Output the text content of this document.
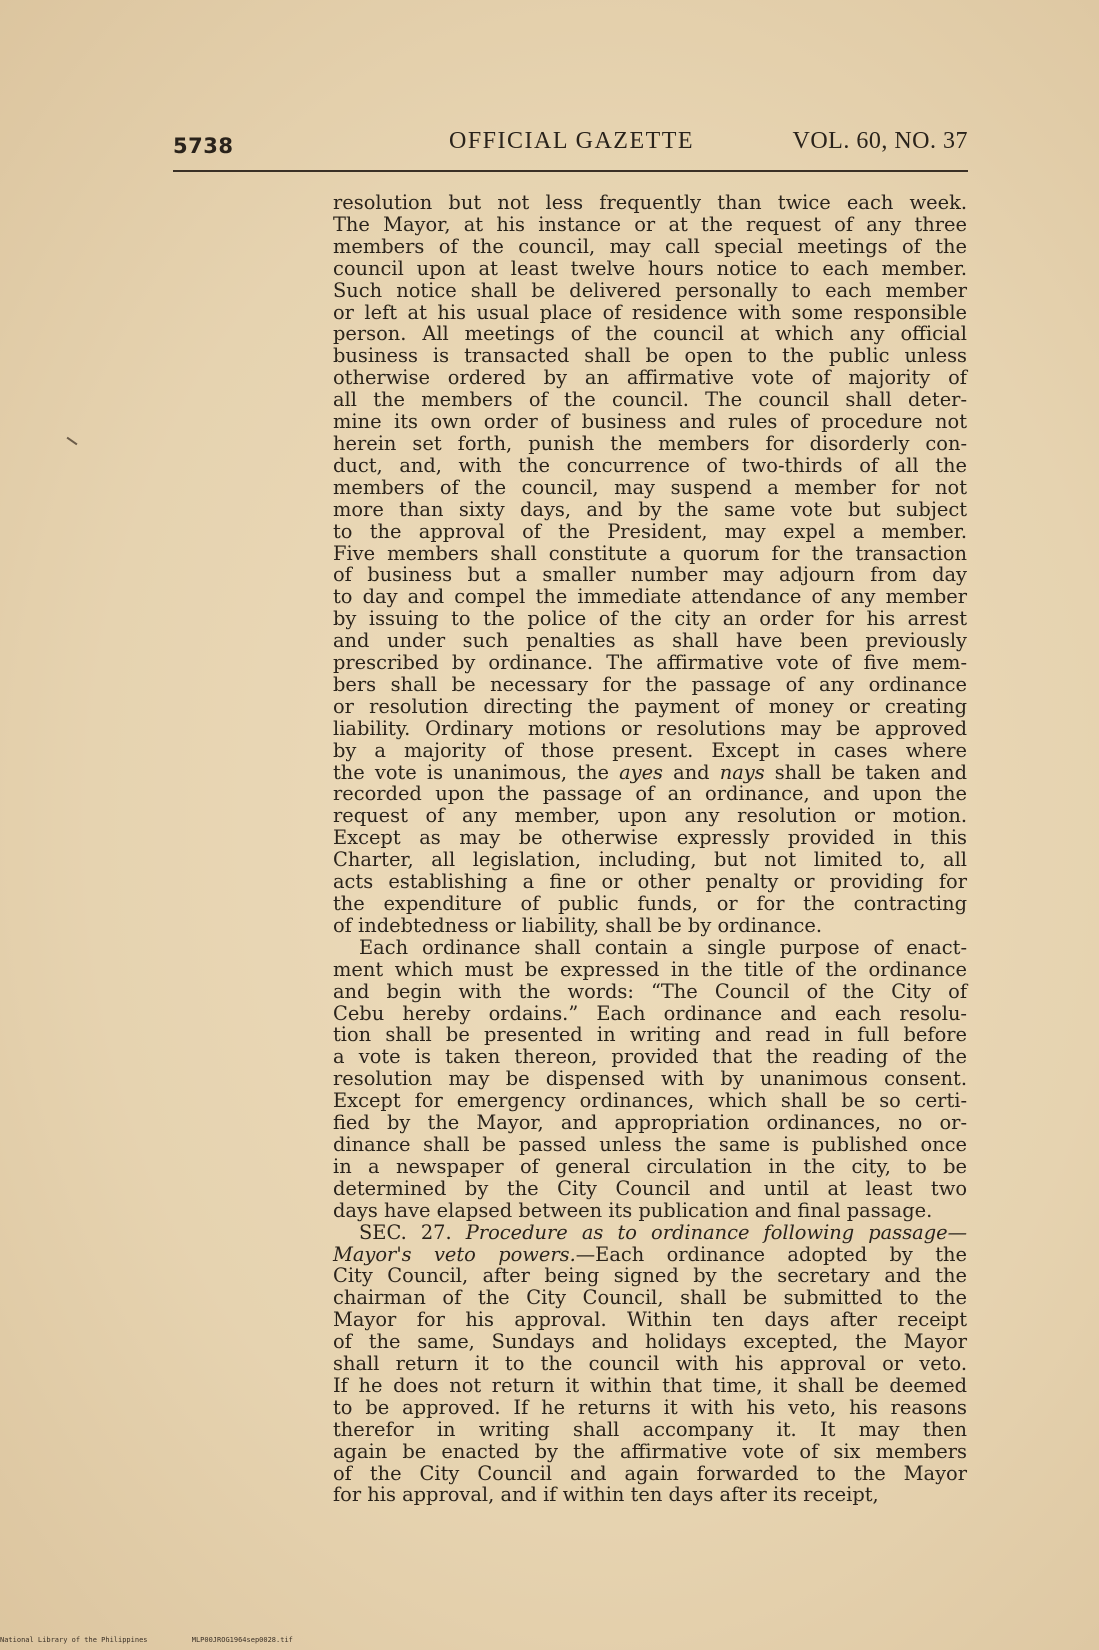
5738	OFFICIAL GAZETTE	VOL. 60, NO. 37
resolution but not less frequently than twice each week.
The Mayor, at his instance or at the request of any three
members of the council, may call special meetings of the
council upon at least twelve hours notice to each member.
Such notice shall be delivered personally to each member
or left at his usual place of residence with some responsible
person. All meetings of the council at which any official
business is transacted shall be open to the public unless
otherwise ordered by an affirmative vote of majority of
all the members of the council. The council shall deter-
mine its own order of business and rules of procedure not
herein set forth, punish the members for disorderly con-
duct, and, with the concurrence of two-thirds of all the
members of the council, may suspend a member for not
more than sixty days, and by the same vote but subject
to the approval of the President, may expel a member.
Five members shall constitute a quorum for the transaction
of business but a smaller number may adjourn from day
to day and compel the immediate attendance of any member
by issuing to the police of the city an order for his arrest
and under such penalties as shall have been previously
prescribed by ordinance. The affirmative vote of five mem-
bers shall be necessary for the passage of any ordinance
or resolution directing the payment of money or creating
liability. Ordinary motions or resolutions may be approved
by a majority of those present. Except in cases where
the vote is unanimous, the ayes and nays shall be taken and
recorded upon the passage of an ordinance, and upon the
request of any member, upon any resolution or motion.
Except as may be otherwise expressly provided in this
Charter, all legislation, including, but not limited to, all
acts establishing a fine or other penalty or providing for
the expenditure of public funds, or for the contracting
of indebtedness or liability, shall be by ordinance.
Each ordinance shall contain a single purpose of enact-
ment which must be expressed in the title of the ordinance
and begin with the words: “The Council of the City of
Cebu hereby ordains.” Each ordinance and each resolu-
tion shall be presented in writing and read in full before
a vote is taken thereon, provided that the reading of the
resolution may be dispensed with by unanimous consent.
Except for emergency ordinances, which shall be so certi-
fied by the Mayor, and appropriation ordinances, no or-
dinance shall be passed unless the same is published once
in a newspaper of general circulation in the city, to be
determined by the City Council and until at least two
days have elapsed between its publication and final passage.
SEC. 27. Procedure as to ordinance following passage—
Mayor's veto powers.—Each ordinance adopted by the
City Council, after being signed by the secretary and the
chairman of the City Council, shall be submitted to the
Mayor for his approval. Within ten days after receipt
of the same, Sundays and holidays excepted, the Mayor
shall return it to the council with his approval or veto.
If he does not return it within that time, it shall be deemed
to be approved. If he returns it with his veto, his reasons
therefor in writing shall accompany it. It may then
again be enacted by the affirmative vote of six members
of the City Council and again forwarded to the Mayor
for his approval, and if within ten days after its receipt,
National Library of the Philippines	MLP00JROG1964sep0028.tif
